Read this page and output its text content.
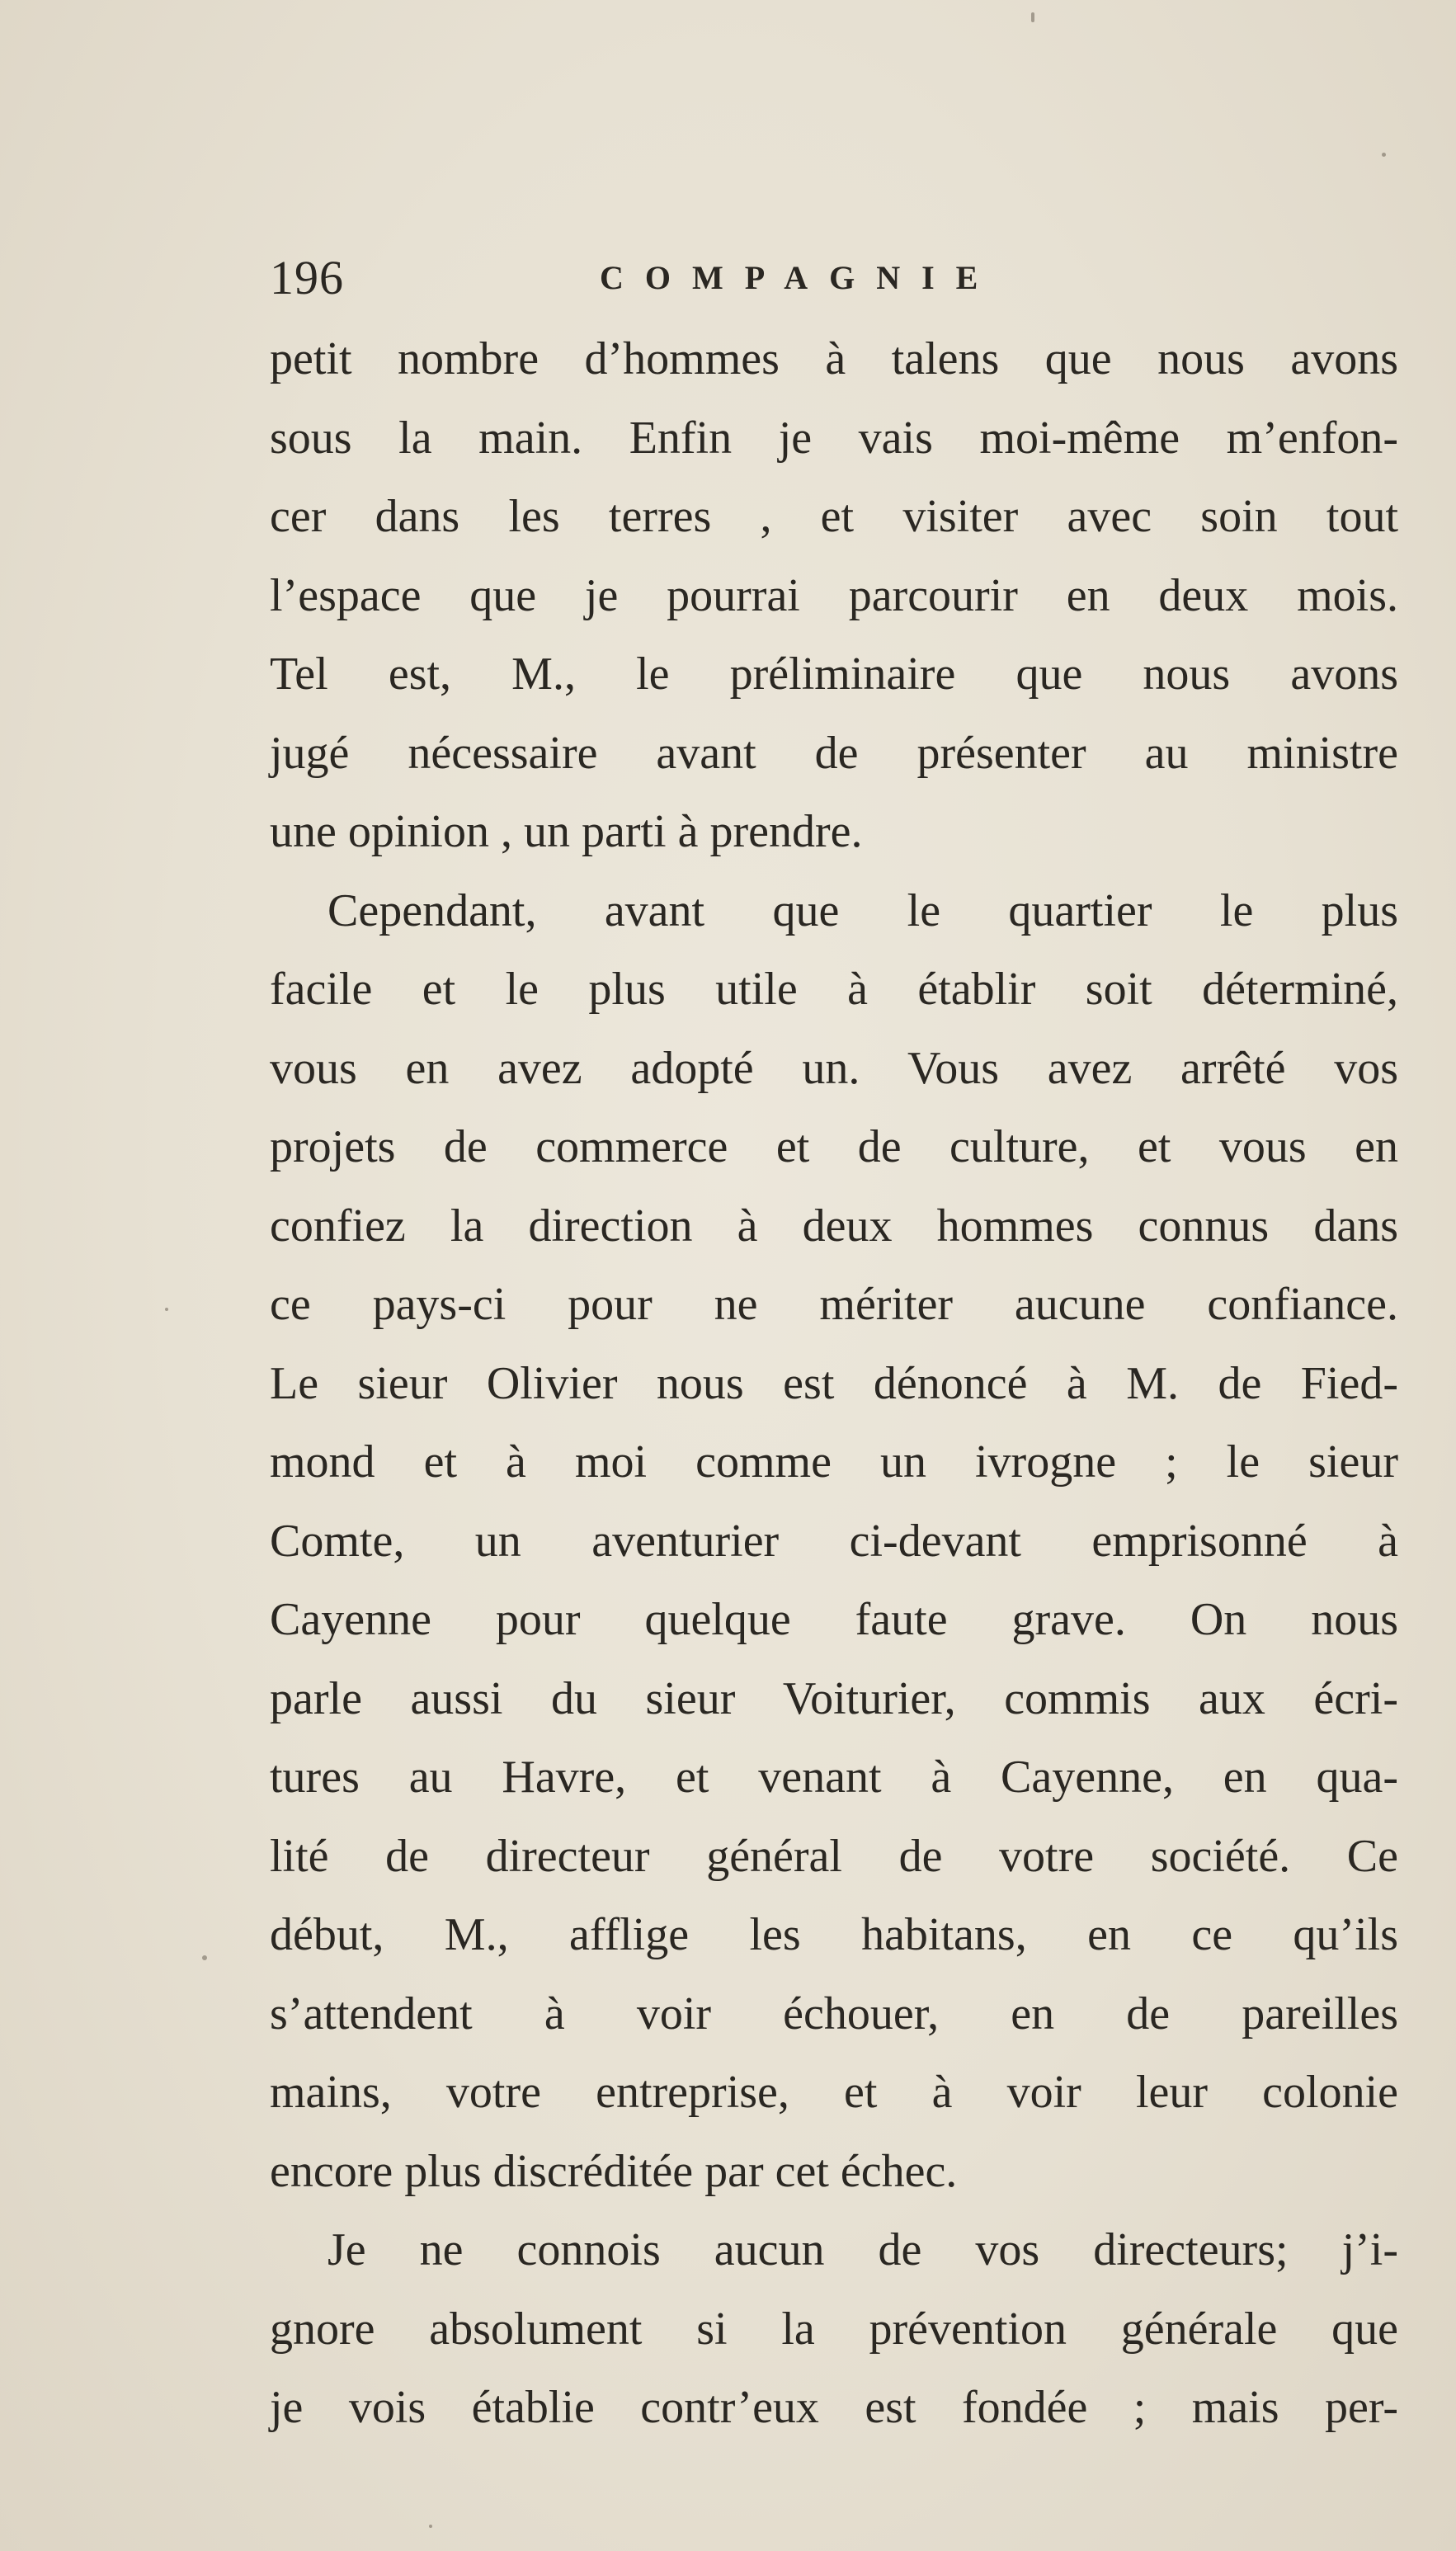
196	COMPAGNIE
petit nombre d’hommes à talens que nous avons
sous la main. Enfin je vais moi-même m’enfon-
cer dans les terres , et visiter avec soin tout
l’espace que je pourrai parcourir en deux mois.
Tel est, M., le préliminaire que nous avons
jugé nécessaire avant de présenter au ministre
une opinion , un parti à prendre.
Cependant, avant que le quartier le plus
facile et le plus utile à établir soit déterminé,
vous en avez adopté un. Vous avez arrêté vos
projets de commerce et de culture, et vous en
confiez la direction à deux hommes connus dans
ce pays-ci pour ne mériter aucune confiance.
Le sieur Olivier nous est dénoncé à M. de Fied-
mond et à moi comme un ivrogne ; le sieur
Comte, un aventurier ci-devant emprisonné à
Cayenne pour quelque faute grave. On nous
parle aussi du sieur Voiturier, commis aux écri-
tures au Havre, et venant à Cayenne, en qua-
lité de directeur général de votre société. Ce
début, M., afflige les habitans, en ce qu’ils
s’attendent à voir échouer, en de pareilles
mains, votre entreprise, et à voir leur colonie
encore plus discréditée par cet échec.
Je ne connois aucun de vos directeurs; j’i-
gnore absolument si la prévention générale que
je vois établie contr’eux est fondée ; mais per-
